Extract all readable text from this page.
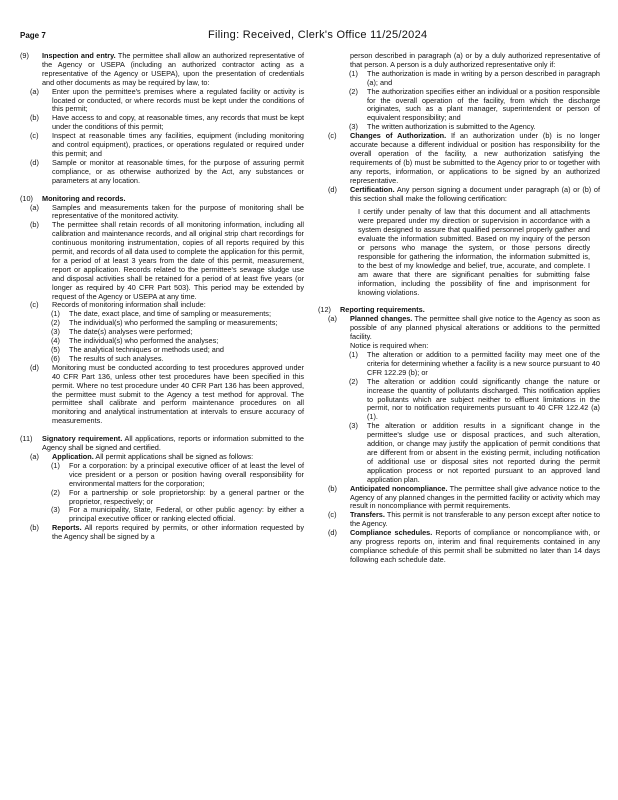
Page 7	Filing: Received, Clerk's Office 11/25/2024

(9) Inspection and entry. The permittee shall allow an authorized representative of the Agency or USEPA (including an authorized contractor acting as a representative of the Agency or USEPA), upon the presentation of credentials and other documents as may be required by law, to:

(a) Enter upon the permittee's premises where a regulated facility or activity is located or conducted, or where records must be kept under the conditions of this permit;

(b) Have access to and copy, at reasonable times, any records that must be kept under the conditions of this permit;

(c) Inspect at reasonable times any facilities, equipment (including monitoring and control equipment), practices, or operations regulated or required under this permit; and

(d) Sample or monitor at reasonable times, for the purpose of assuring permit compliance, or as otherwise authorized by the Act, any substances or parameters at any location.

(10) Monitoring and records.

(a) Samples and measurements taken for the purpose of monitoring shall be representative of the monitored activity.

(b) The permittee shall retain records of all monitoring information, including all calibration and maintenance records, and all original strip chart recordings for continuous monitoring instrumentation, copies of all reports required by this permit, and records of all data used to complete the application for this permit, for a period of at least 3 years from the date of this permit, measurement, report or application. Records related to the permittee's sewage sludge use and disposal activities shall be retained for a period of at least five years (or longer as required by 40 CFR Part 503). This period may be extended by request of the Agency or USEPA at any time.

(c) Records of monitoring information shall include:

(1) The date, exact place, and time of sampling or measurements;

(2) The individual(s) who performed the sampling or measurements;

(3) The date(s) analyses were performed;

(4) The individual(s) who performed the analyses;

(5) The analytical techniques or methods used; and

(6) The results of such analyses.

(d) Monitoring must be conducted according to test procedures approved under 40 CFR Part 136, unless other test procedures have been specified in this permit. Where no test procedure under 40 CFR Part 136 has been approved, the permittee must submit to the Agency a test method for approval. The permittee shall calibrate and perform maintenance procedures on all monitoring and analytical instrumentation at intervals to ensure accuracy of measurements.

(11) Signatory requirement. All applications, reports or information submitted to the Agency shall be signed and certified.

(a) Application. All permit applications shall be signed as follows:

(1) For a corporation: by a principal executive officer of at least the level of vice president or a person or position having overall responsibility for environmental matters for the corporation;

(2) For a partnership or sole proprietorship: by a general partner or the proprietor, respectively; or

(3) For a municipality, State, Federal, or other public agency: by either a principal executive officer or ranking elected official.

(b) Reports. All reports required by permits, or other information requested by the Agency shall be signed by a

person described in paragraph (a) or by a duly authorized representative of that person. A person is a duly authorized representative only if:

(1) The authorization is made in writing by a person described in paragraph (a); and

(2) The authorization specifies either an individual or a position responsible for the overall operation of the facility, from which the discharge originates, such as a plant manager, superintendent or person of equivalent responsibility; and

(3) The written authorization is submitted to the Agency.

(c) Changes of Authorization. If an authorization under (b) is no longer accurate because a different individual or position has responsibility for the overall operation of the facility, a new authorization satisfying the requirements of (b) must be submitted to the Agency prior to or together with any reports, information, or applications to be signed by an authorized representative.

(d) Certification. Any person signing a document under paragraph (a) or (b) of this section shall make the following certification:

I certify under penalty of law that this document and all attachments were prepared under my direction or supervision in accordance with a system designed to assure that qualified personnel properly gather and evaluate the information submitted. Based on my inquiry of the person or persons who manage the system, or those persons directly responsible for gathering the information, the information submitted is, to the best of my knowledge and belief, true, accurate, and complete. I am aware that there are significant penalties for submitting false information, including the possibility of fine and imprisonment for knowing violations.

(12) Reporting requirements.

(a) Planned changes. The permittee shall give notice to the Agency as soon as possible of any planned physical alterations or additions to the permitted facility.

Notice is required when:

(1) The alteration or addition to a permitted facility may meet one of the criteria for determining whether a facility is a new source pursuant to 40 CFR 122.29 (b); or

(2) The alteration or addition could significantly change the nature or increase the quantity of pollutants discharged. This notification applies to pollutants which are subject neither to effluent limitations in the permit, nor to notification requirements pursuant to 40 CFR 122.42 (a)(1).

(3) The alteration or addition results in a significant change in the permittee's sludge use or disposal practices, and such alteration, addition, or change may justify the application of permit conditions that are different from or absent in the existing permit, including notification of additional use or disposal sites not reported during the permit application process or not reported pursuant to an approved land application plan.

(b) Anticipated noncompliance. The permittee shall give advance notice to the Agency of any planned changes in the permitted facility or activity which may result in noncompliance with permit requirements.

(c) Transfers. This permit is not transferable to any person except after notice to the Agency.

(d) Compliance schedules. Reports of compliance or noncompliance with, or any progress reports on, interim and final requirements contained in any compliance schedule of this permit shall be submitted no later than 14 days following each schedule date.
